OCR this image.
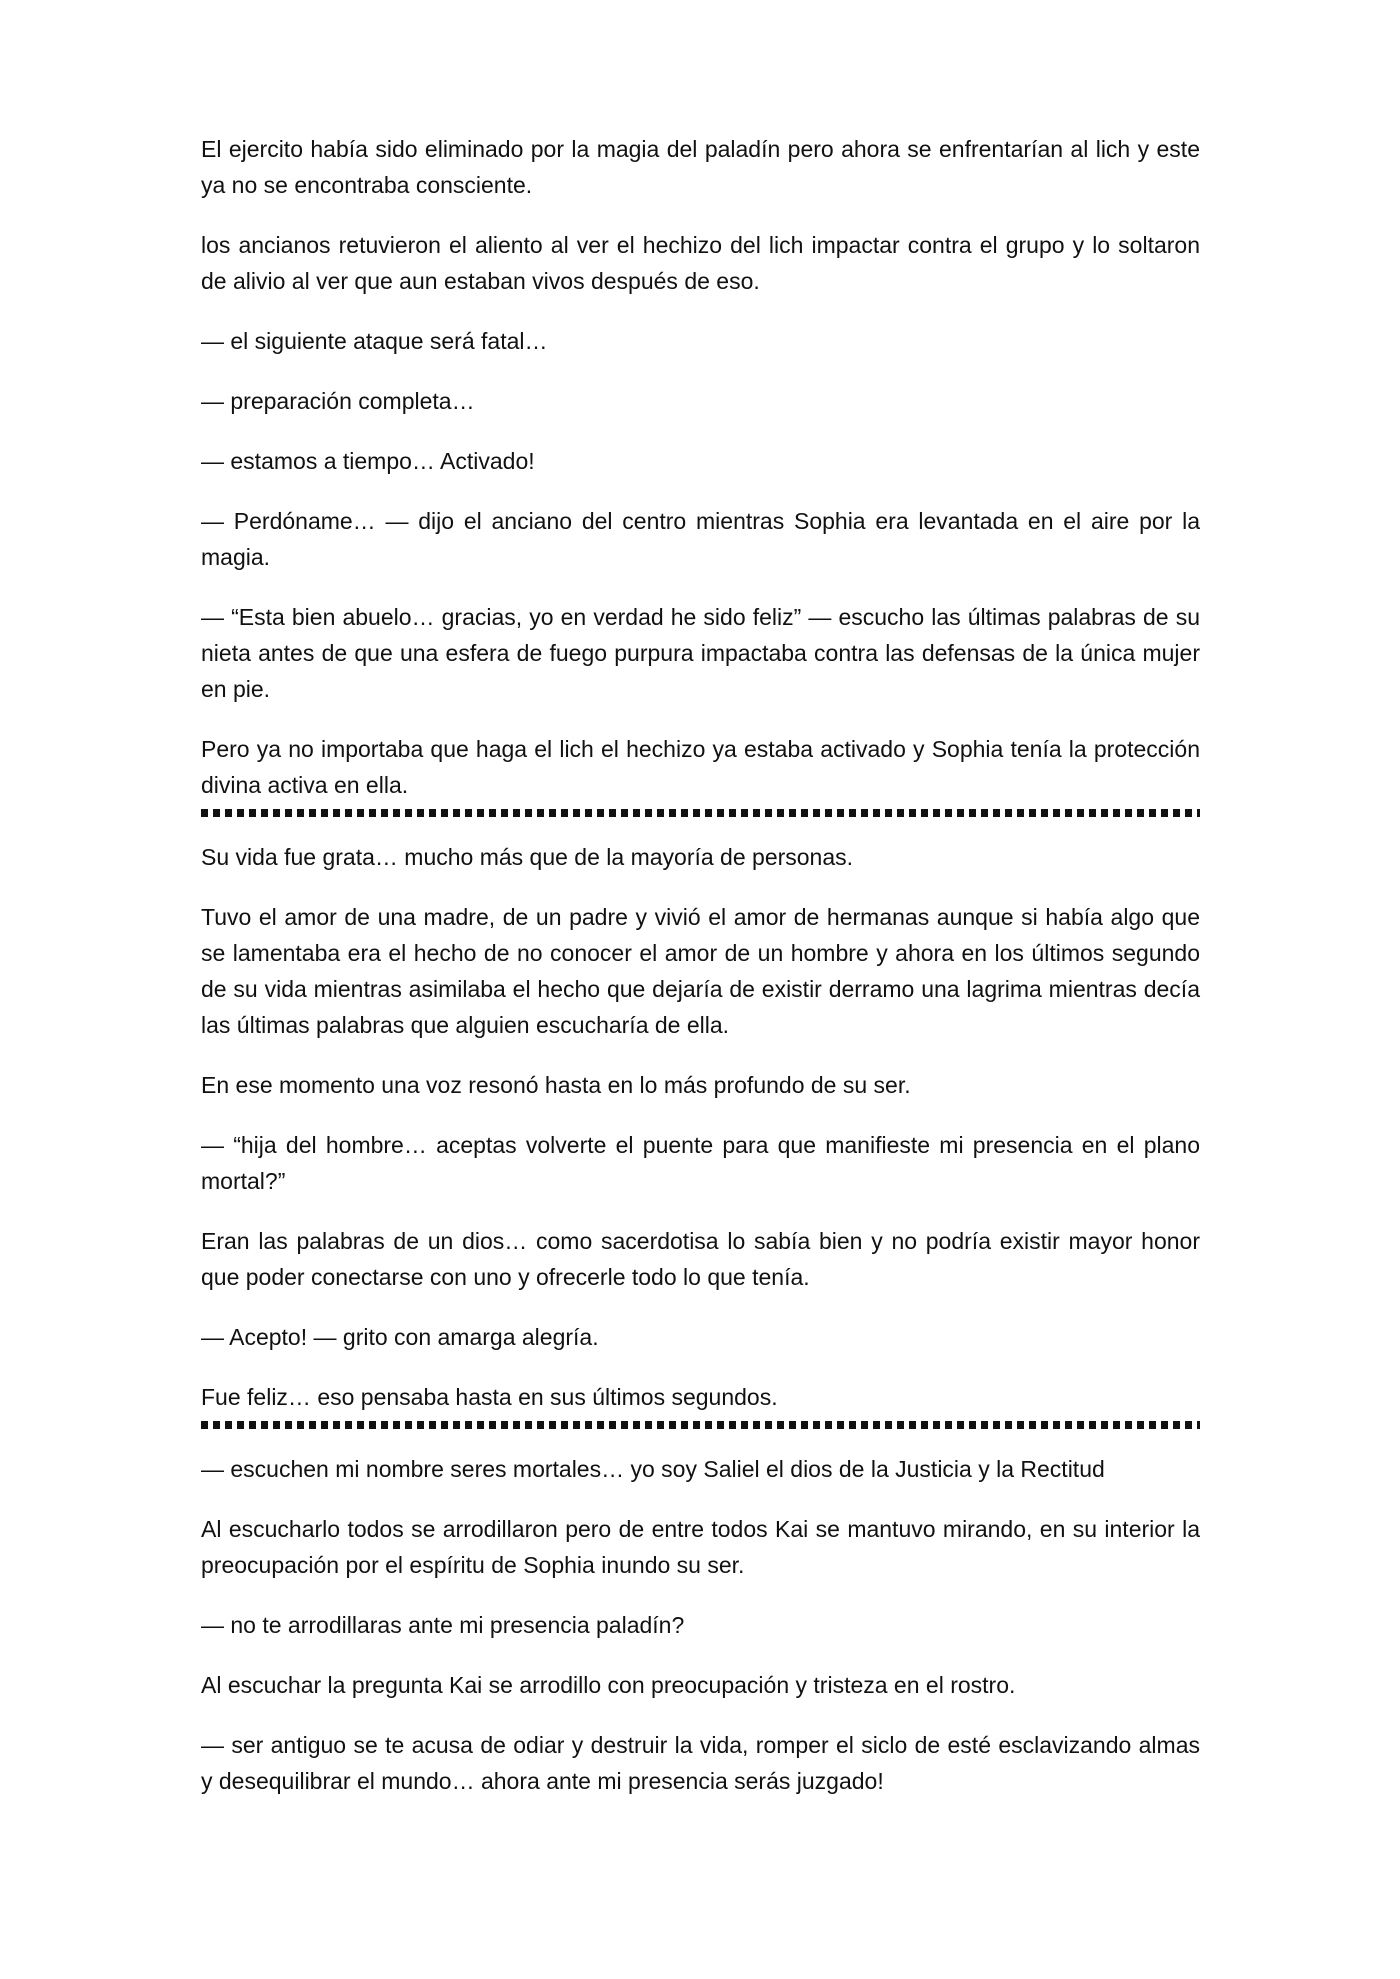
El ejercito había sido eliminado por la magia del paladín pero ahora se enfrentarían al lich y este ya no se encontraba consciente.

los ancianos retuvieron el aliento al ver el hechizo del lich impactar contra el grupo y lo soltaron de alivio al ver que aun estaban vivos después de eso.

— el siguiente ataque será fatal…

— preparación completa…

— estamos a tiempo… Activado!

— Perdóname… — dijo el anciano del centro mientras Sophia era levantada en el aire por la magia.

— “Esta bien abuelo… gracias, yo en verdad he sido feliz” — escucho las últimas palabras de su nieta antes de que una esfera de fuego purpura impactaba contra las defensas de la única mujer en pie.

Pero ya no importaba que haga el lich el hechizo ya estaba activado y Sophia tenía la protección divina activa en ella.

Su vida fue grata… mucho más que de la mayoría de personas.

Tuvo el amor de una madre, de un padre y vivió el amor de hermanas aunque si había algo que se lamentaba era el hecho de no conocer el amor de un hombre y ahora en los últimos segundo de su vida mientras asimilaba el hecho que dejaría de existir derramo una lagrima mientras decía las últimas palabras que alguien escucharía de ella.

En ese momento una voz resonó hasta en lo más profundo de su ser.

— “hija del hombre… aceptas volverte el puente para que manifieste mi presencia en el plano mortal?”

Eran las palabras de un dios… como sacerdotisa lo sabía bien y no podría existir mayor honor que poder conectarse con uno y ofrecerle todo lo que tenía.

— Acepto! — grito con amarga alegría.

Fue feliz… eso pensaba hasta en sus últimos segundos.

— escuchen mi nombre seres mortales… yo soy Saliel el dios de la Justicia y la Rectitud

Al escucharlo todos se arrodillaron pero de entre todos Kai se mantuvo mirando, en su interior la preocupación por el espíritu de Sophia inundo su ser.

— no te arrodillaras ante mi presencia paladín?

Al escuchar la pregunta Kai se arrodillo con preocupación y tristeza en el rostro.

— ser antiguo se te acusa de odiar y destruir la vida, romper el siclo de esté esclavizando almas y desequilibrar el mundo… ahora ante mi presencia serás juzgado!
